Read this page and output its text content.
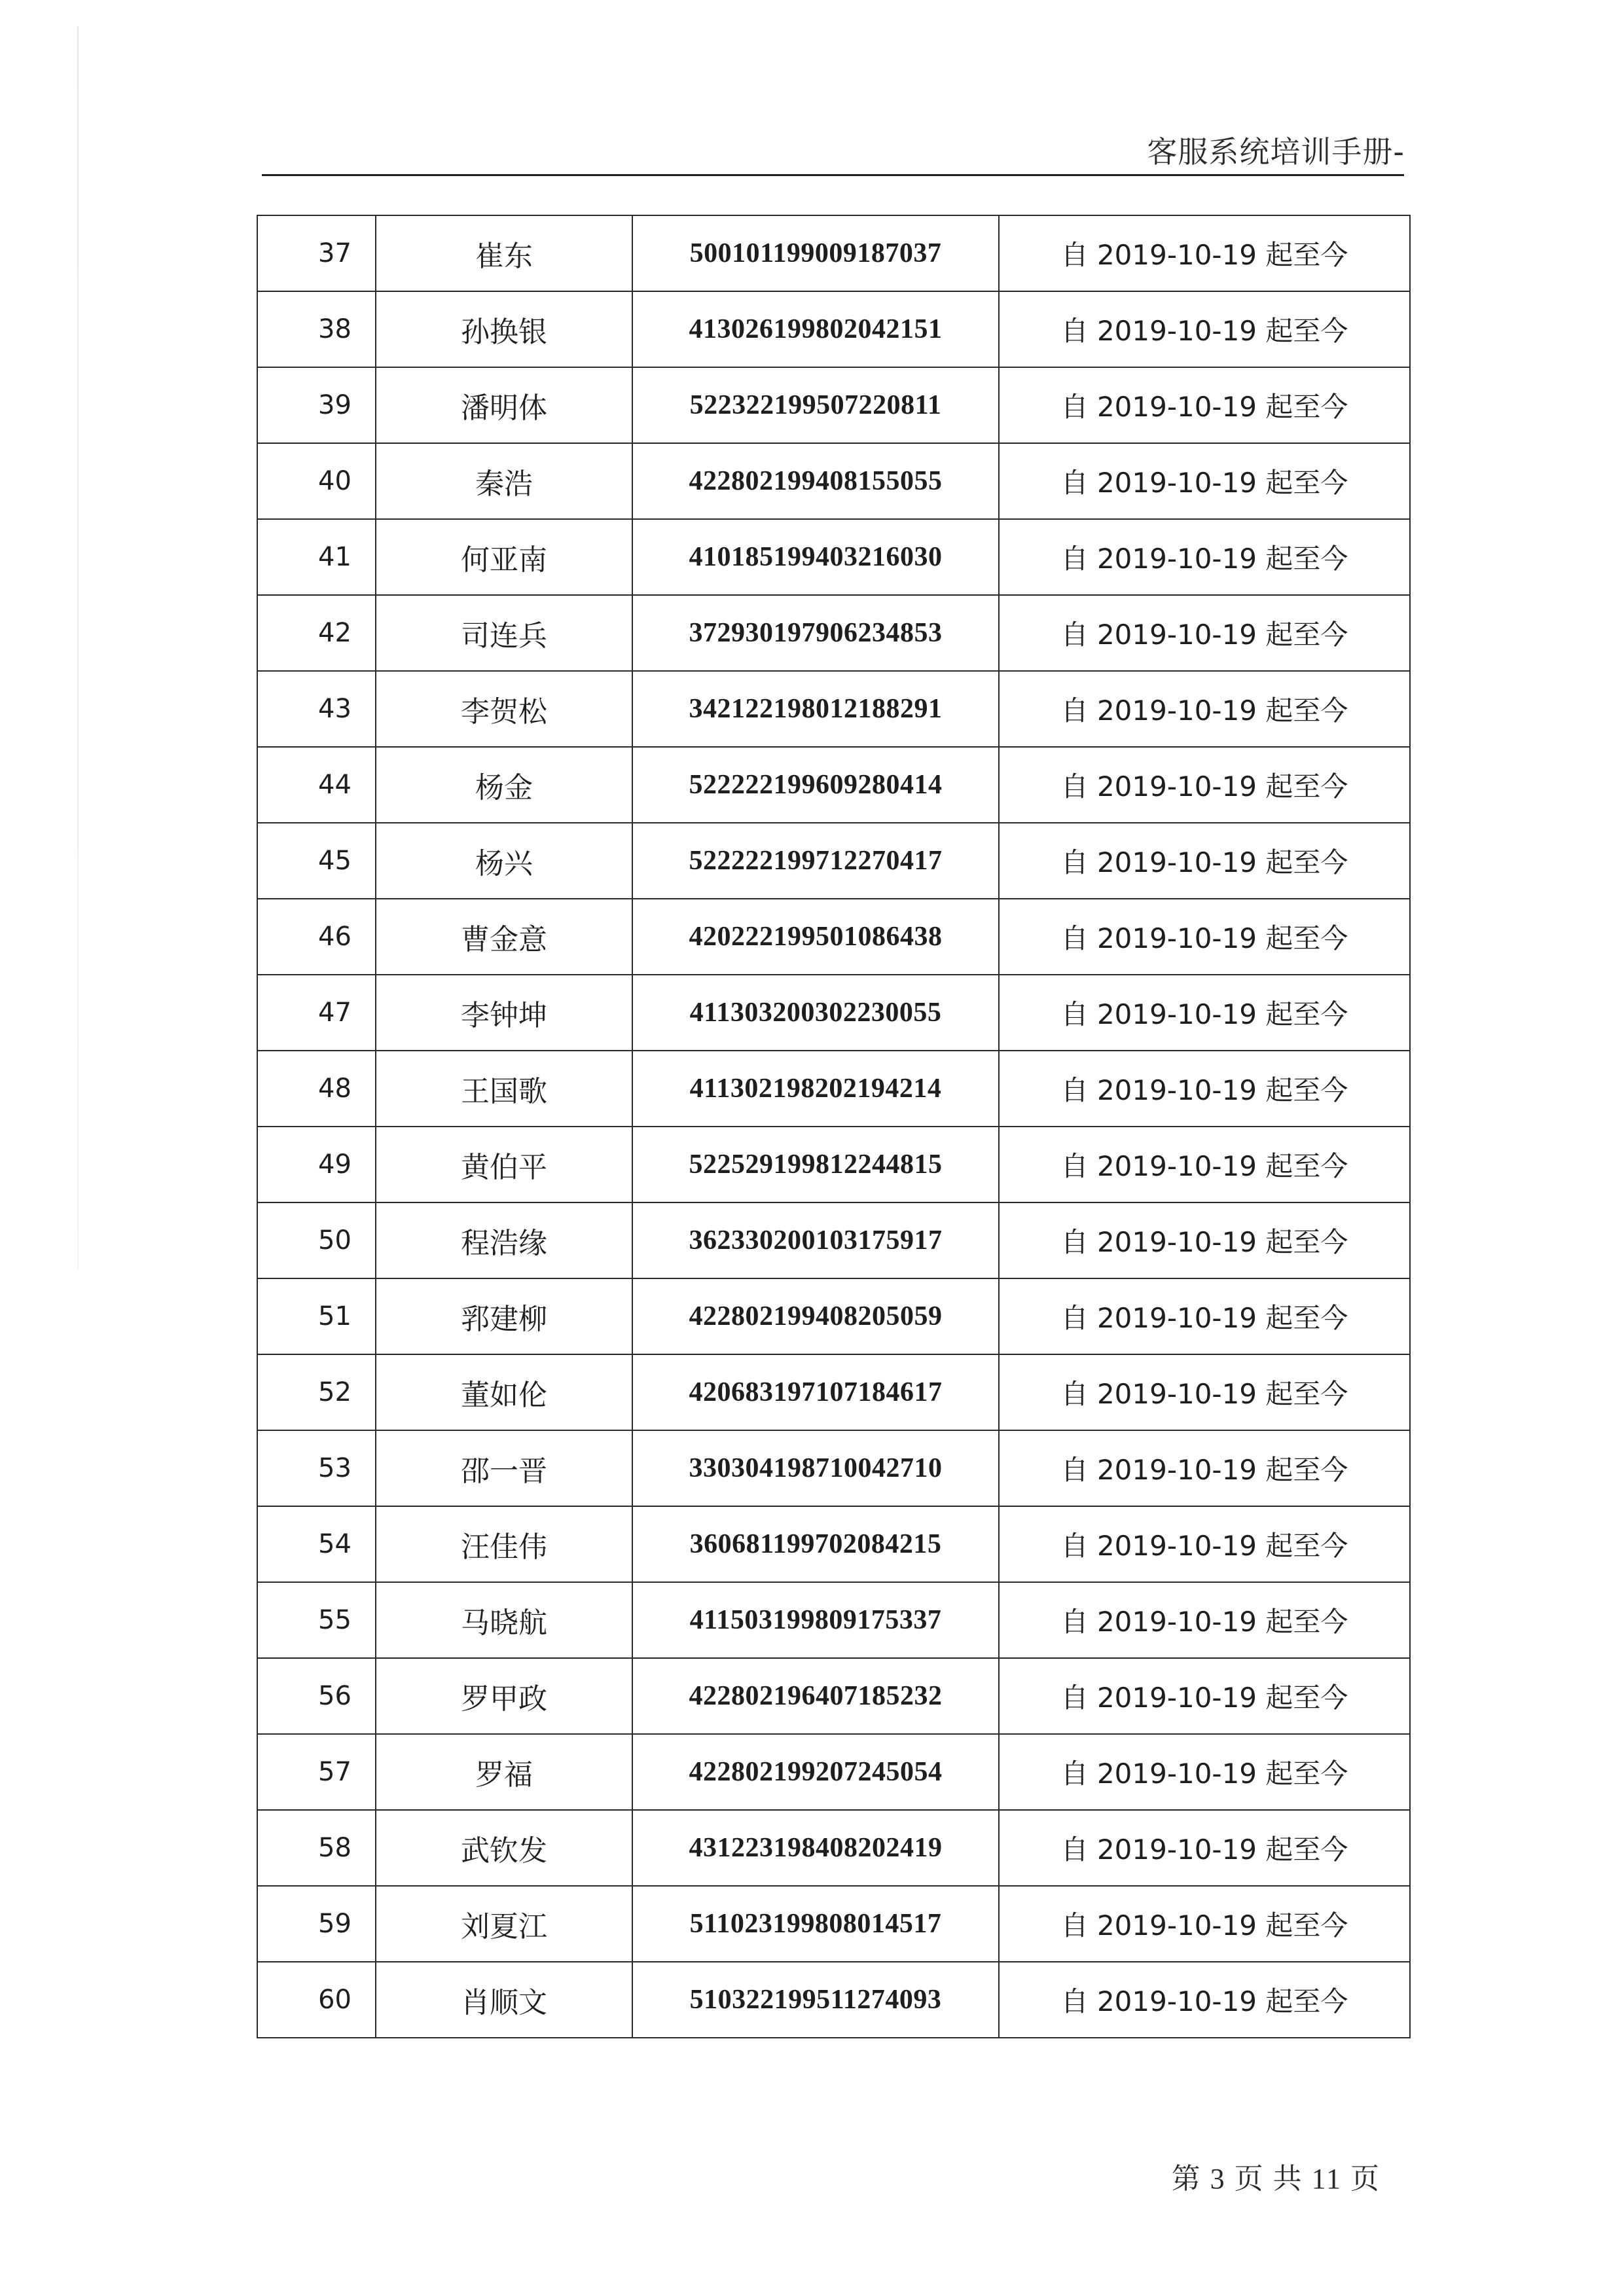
客服系统培训手册-
37	崔东	500101199009187037	自 2019-10-19 起至今
38	孙换银	413026199802042151	自 2019-10-19 起至今
39	潘明体	522322199507220811	自 2019-10-19 起至今
40	秦浩	422802199408155055	自 2019-10-19 起至今
41	何亚南	410185199403216030	自 2019-10-19 起至今
42	司连兵	372930197906234853	自 2019-10-19 起至今
43	李贺松	342122198012188291	自 2019-10-19 起至今
44	杨金	522222199609280414	自 2019-10-19 起至今
45	杨兴	522222199712270417	自 2019-10-19 起至今
46	曹金意	420222199501086438	自 2019-10-19 起至今
47	李钟坤	411303200302230055	自 2019-10-19 起至今
48	王国歌	411302198202194214	自 2019-10-19 起至今
49	黄伯平	522529199812244815	自 2019-10-19 起至今
50	程浩缘	362330200103175917	自 2019-10-19 起至今
51	郛建柳	422802199408205059	自 2019-10-19 起至今
52	董如伦	420683197107184617	自 2019-10-19 起至今
53	邵一晋	330304198710042710	自 2019-10-19 起至今
54	汪佳伟	360681199702084215	自 2019-10-19 起至今
55	马晓航	411503199809175337	自 2019-10-19 起至今
56	罗甲政	422802196407185232	自 2019-10-19 起至今
57	罗福	422802199207245054	自 2019-10-19 起至今
58	武钦发	431223198408202419	自 2019-10-19 起至今
59	刘夏江	511023199808014517	自 2019-10-19 起至今
60	肖顺文	510322199511274093	自 2019-10-19 起至今
第 3 页 共 11 页
